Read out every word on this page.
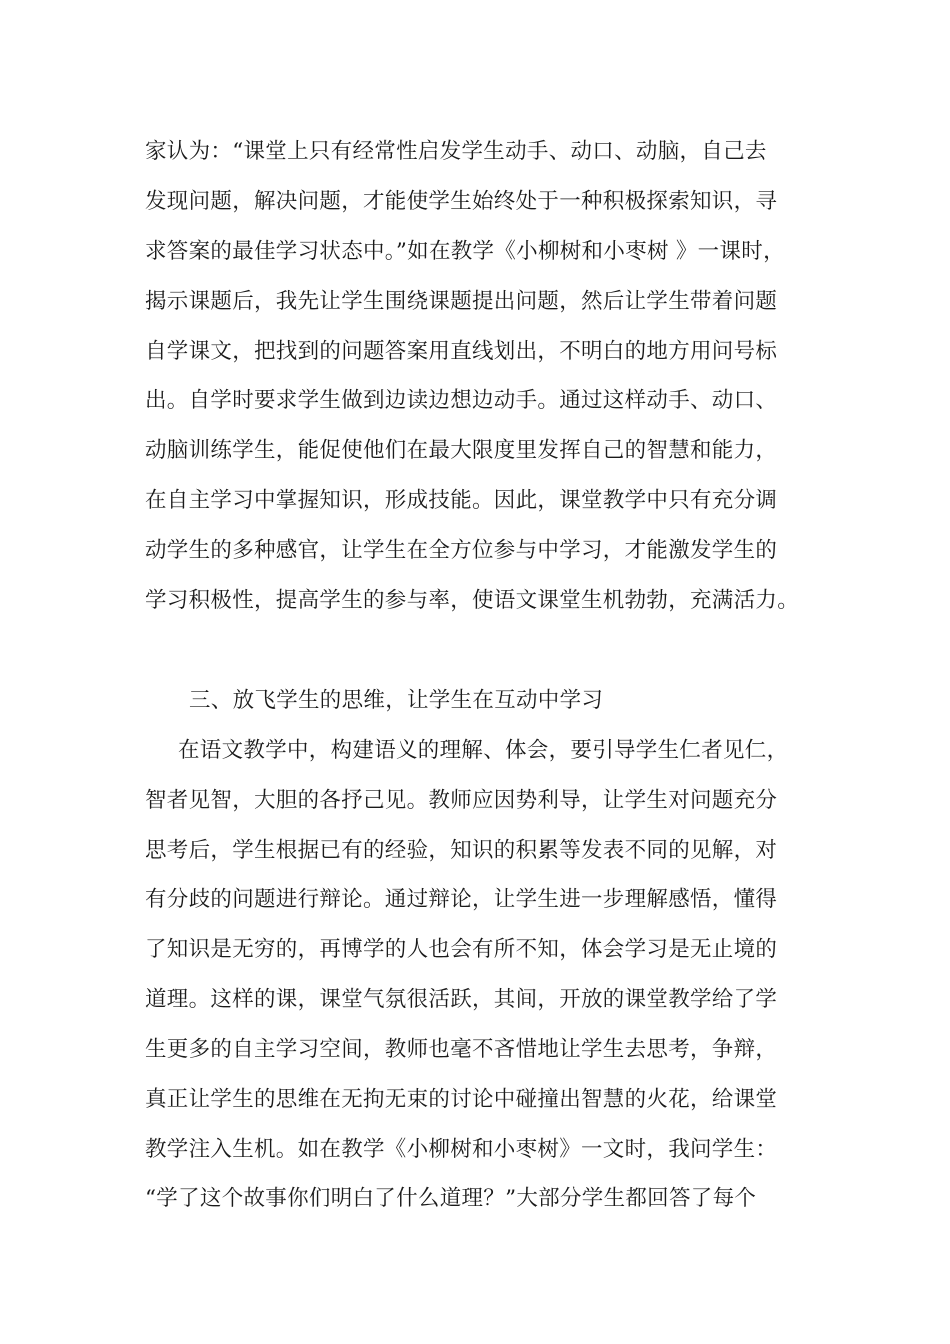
家认为：“课堂上只有经常性启发学生动手、动口、动脑，自己去
发现问题，解决问题，才能使学生始终处于一种积极探索知识，寻
求答案的最佳学习状态中。”如在教学《小柳树和小枣树 》一课时，
揭示课题后，我先让学生围绕课题提出问题，然后让学生带着问题
自学课文，把找到的问题答案用直线划出，不明白的地方用问号标
出。自学时要求学生做到边读边想边动手。通过这样动手、动口、
动脑训练学生，能促使他们在最大限度里发挥自己的智慧和能力，
在自主学习中掌握知识，形成技能。因此，课堂教学中只有充分调
动学生的多种感官，让学生在全方位参与中学习，才能激发学生的
学习积极性，提高学生的参与率，使语文课堂生机勃勃，充满活力。
三、放飞学生的思维，让学生在互动中学习
在语文教学中，构建语义的理解、体会，要引导学生仁者见仁，
智者见智，大胆的各抒己见。教师应因势利导，让学生对问题充分
思考后，学生根据已有的经验，知识的积累等发表不同的见解，对
有分歧的问题进行辩论。通过辩论，让学生进一步理解感悟，懂得
了知识是无穷的，再博学的人也会有所不知，体会学习是无止境的
道理。这样的课，课堂气氛很活跃，其间，开放的课堂教学给了学
生更多的自主学习空间，教师也毫不吝惜地让学生去思考，争辩，
真正让学生的思维在无拘无束的讨论中碰撞出智慧的火花，给课堂
教学注入生机。如在教学《小柳树和小枣树》一文时，我问学生：
“学了这个故事你们明白了什么道理？”大部分学生都回答了每个
